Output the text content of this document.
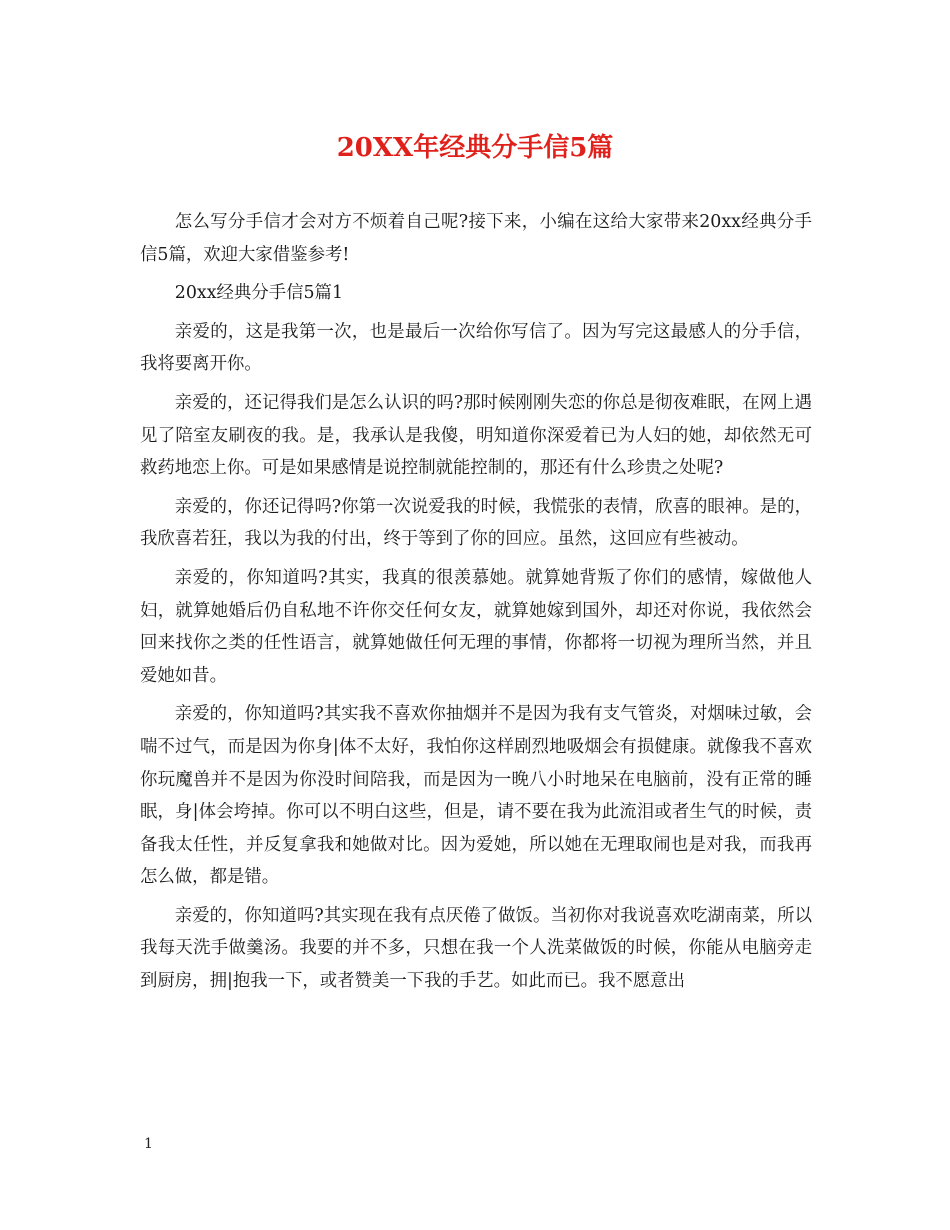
20XX年经典分手信5篇

怎么写分手信才会对方不烦着自己呢?接下来，小编在这给大家带来20xx经典分手信5篇，欢迎大家借鉴参考!

20xx经典分手信5篇1

亲爱的，这是我第一次，也是最后一次给你写信了。因为写完这最感人的分手信，我将要离开你。

亲爱的，还记得我们是怎么认识的吗?那时候刚刚失恋的你总是彻夜难眠，在网上遇见了陪室友刷夜的我。是，我承认是我傻，明知道你深爱着已为人妇的她，却依然无可救药地恋上你。可是如果感情是说控制就能控制的，那还有什么珍贵之处呢?

亲爱的，你还记得吗?你第一次说爱我的时候，我慌张的表情，欣喜的眼神。是的，我欣喜若狂，我以为我的付出，终于等到了你的回应。虽然，这回应有些被动。

亲爱的，你知道吗?其实，我真的很羡慕她。就算她背叛了你们的感情，嫁做他人妇，就算她婚后仍自私地不许你交任何女友，就算她嫁到国外，却还对你说，我依然会回来找你之类的任性语言，就算她做任何无理的事情，你都将一切视为理所当然，并且爱她如昔。

亲爱的，你知道吗?其实我不喜欢你抽烟并不是因为我有支气管炎，对烟味过敏，会喘不过气，而是因为你身|体不太好，我怕你这样剧烈地吸烟会有损健康。就像我不喜欢你玩魔兽并不是因为你没时间陪我，而是因为一晚八小时地呆在电脑前，没有正常的睡眠，身|体会垮掉。你可以不明白这些，但是，请不要在我为此流泪或者生气的时候，责备我太任性，并反复拿我和她做对比。因为爱她，所以她在无理取闹也是对我，而我再怎么做，都是错。

亲爱的，你知道吗?其实现在我有点厌倦了做饭。当初你对我说喜欢吃湖南菜，所以我每天洗手做羹汤。我要的并不多，只想在我一个人洗菜做饭的时候，你能从电脑旁走到厨房，拥|抱我一下，或者赞美一下我的手艺。如此而已。我不愿意出

1
